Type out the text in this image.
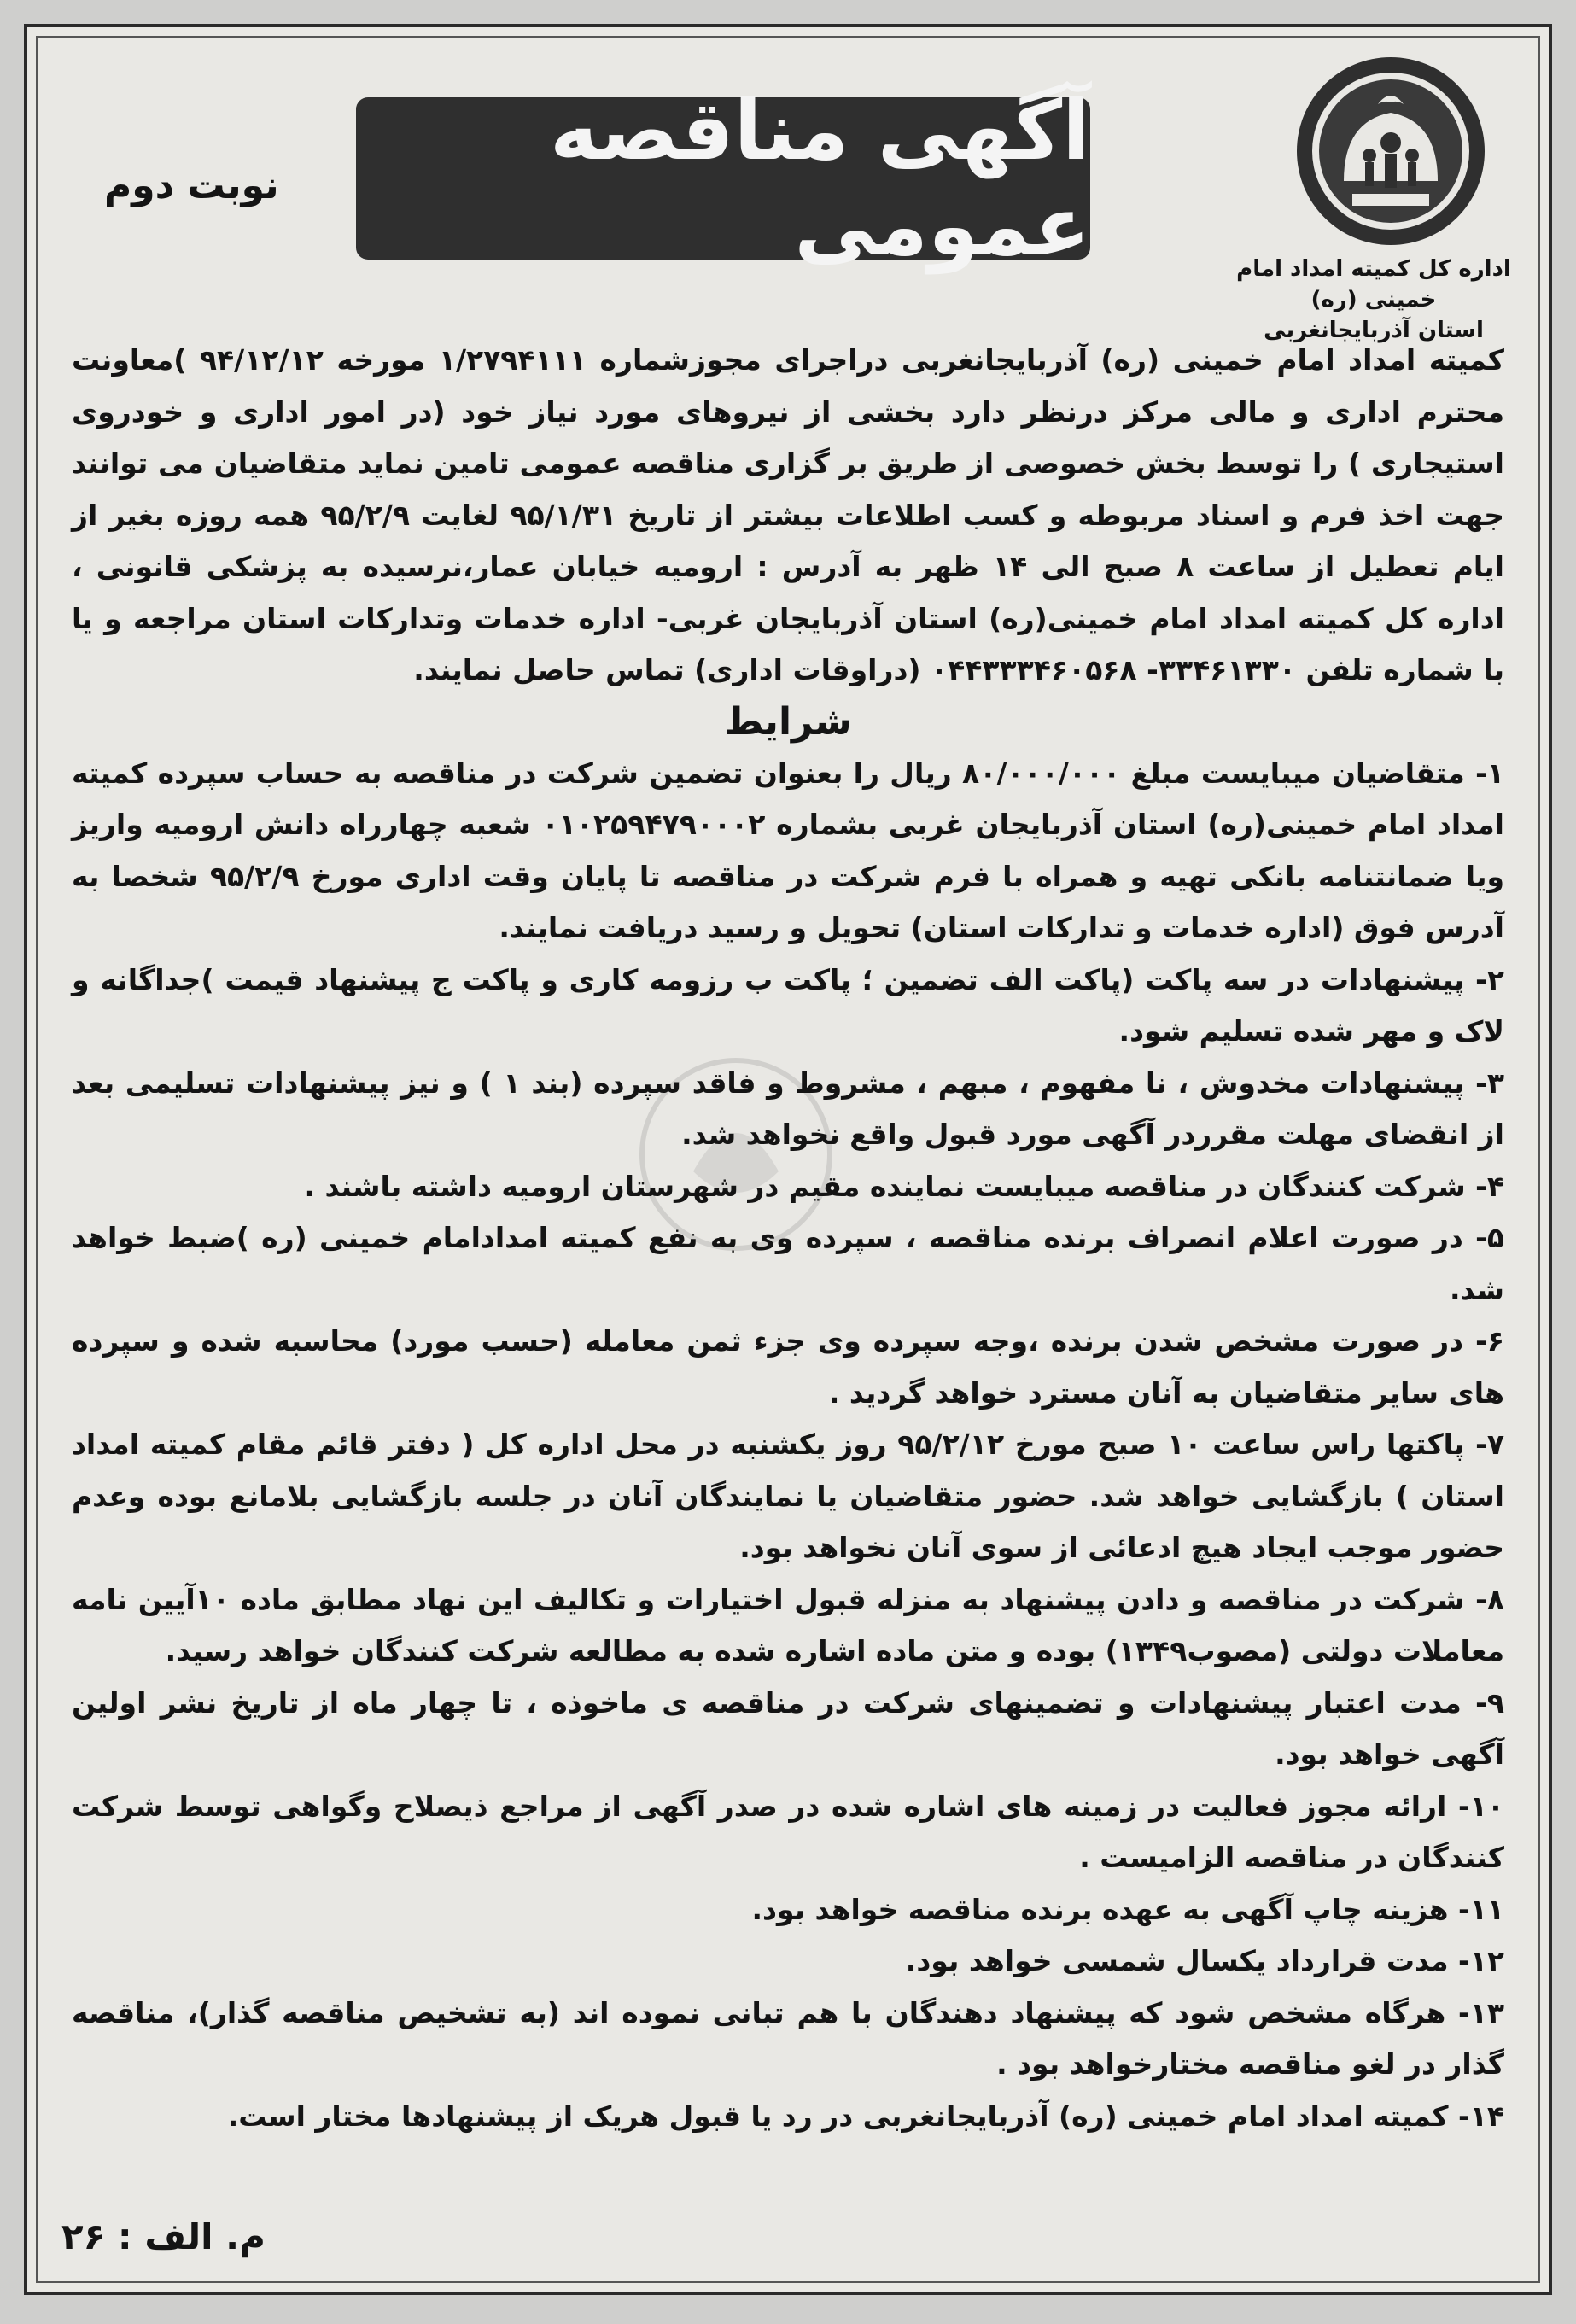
اداره کل کمیته امداد امام خمینی (ره)
استان آذربایجانغربی
آگهی مناقصه عمومی
نوبت دوم

کمیته امداد امام خمینی (ره) آذربایجانغربی دراجرای مجوزشماره ۱/۲۷۹۴۱۱۱ مورخه ۹۴/۱۲/۱۲ )معاونت محترم اداری و مالی مرکز درنظر دارد بخشی از نیروهای مورد نیاز خود (در امور اداری و خودروی استیجاری ) را توسط بخش خصوصی از طریق بر گزاری مناقصه عمومی تامین نماید متقاضیان می توانند جهت اخذ فرم و اسناد مربوطه و کسب اطلاعات بیشتر از تاریخ ۹۵/۱/۳۱ لغایت ۹۵/۲/۹ همه روزه بغیر از ایام تعطیل از ساعت ۸ صبح الی ۱۴ ظهر به آدرس : ارومیه خیابان عمار،نرسیده به پزشکی قانونی ، اداره کل کمیته امداد امام خمینی(ره) استان آذربایجان غربی- اداره خدمات وتدارکات استان مراجعه و یا با شماره تلفن ۳۳۴۶۱۳۳۰- ۰۴۴۳۳۳۴۶۰۵۶۸ (دراوقات اداری) تماس حاصل نمایند.

شرایط

۱- متقاضیان میبایست مبلغ ۸۰/۰۰۰/۰۰۰ ریال را بعنوان تضمین شرکت در مناقصه به حساب سپرده کمیته امداد امام خمینی(ره) استان آذربایجان غربی بشماره ۰۱۰۲۵۹۴۷۹۰۰۰۲ شعبه چهارراه دانش ارومیه واریز ویا ضمانتنامه بانکی تهیه و همراه با فرم شرکت در مناقصه تا پایان وقت اداری مورخ ۹۵/۲/۹ شخصا به آدرس فوق (اداره خدمات و تدارکات استان) تحویل و رسید دریافت نمایند.

۲- پیشنهادات در سه پاکت (پاکت الف تضمین ؛ پاکت ب رزومه کاری و پاکت ج پیشنهاد قیمت )جداگانه و لاک و مهر شده تسلیم شود.

۳- پیشنهادات مخدوش ، نا مفهوم ، مبهم ، مشروط و فاقد سپرده (بند ۱ ) و نیز پیشنهادات تسلیمی بعد از انقضای مهلت مقرردر آگهی مورد قبول واقع نخواهد شد.

۴- شرکت کنندگان در مناقصه میبایست نماینده مقیم در شهرستان ارومیه داشته باشند .

۵- در صورت اعلام انصراف برنده مناقصه ، سپرده وی به نفع کمیته امدادامام خمینی (ره )ضبط خواهد شد.

۶- در صورت مشخص شدن برنده ،وجه سپرده وی جزء ثمن معامله (حسب مورد) محاسبه شده و سپرده های سایر متقاضیان به آنان مسترد خواهد گردید .

۷- پاکتها راس ساعت ۱۰ صبح مورخ ۹۵/۲/۱۲ روز یکشنبه در محل اداره کل ( دفتر قائم مقام کمیته امداد استان ) بازگشایی خواهد شد. حضور متقاضیان یا نمایندگان آنان در جلسه بازگشایی بلامانع بوده وعدم حضور موجب ایجاد هیچ ادعائی از سوی آنان نخواهد بود.

۸- شرکت در مناقصه و دادن پیشنهاد به منزله قبول اختیارات و تکالیف این نهاد مطابق ماده ۱۰آیین نامه معاملات دولتی (مصوب۱۳۴۹) بوده و متن ماده اشاره شده به مطالعه شرکت کنندگان خواهد رسید.

۹- مدت اعتبار پیشنهادات و تضمینهای شرکت در مناقصه ی ماخوذه ، تا چهار ماه از تاریخ نشر اولین آگهی خواهد بود.

۱۰- ارائه مجوز فعالیت در زمینه های اشاره شده در صدر آگهی از مراجع ذیصلاح وگواهی توسط شرکت کنندگان در مناقصه الزامیست .

۱۱- هزینه چاپ آگهی به عهده برنده مناقصه خواهد بود.

۱۲- مدت قرارداد یکسال شمسی خواهد بود.

۱۳- هرگاه مشخص شود که پیشنهاد دهندگان با هم تبانی نموده اند (به تشخیص مناقصه گذار)، مناقصه گذار در لغو مناقصه مختارخواهد بود .

۱۴- کمیته امداد امام خمینی (ره) آذربایجانغربی در رد یا قبول هریک از پیشنهادها مختار است.

م. الف : ۲۶
